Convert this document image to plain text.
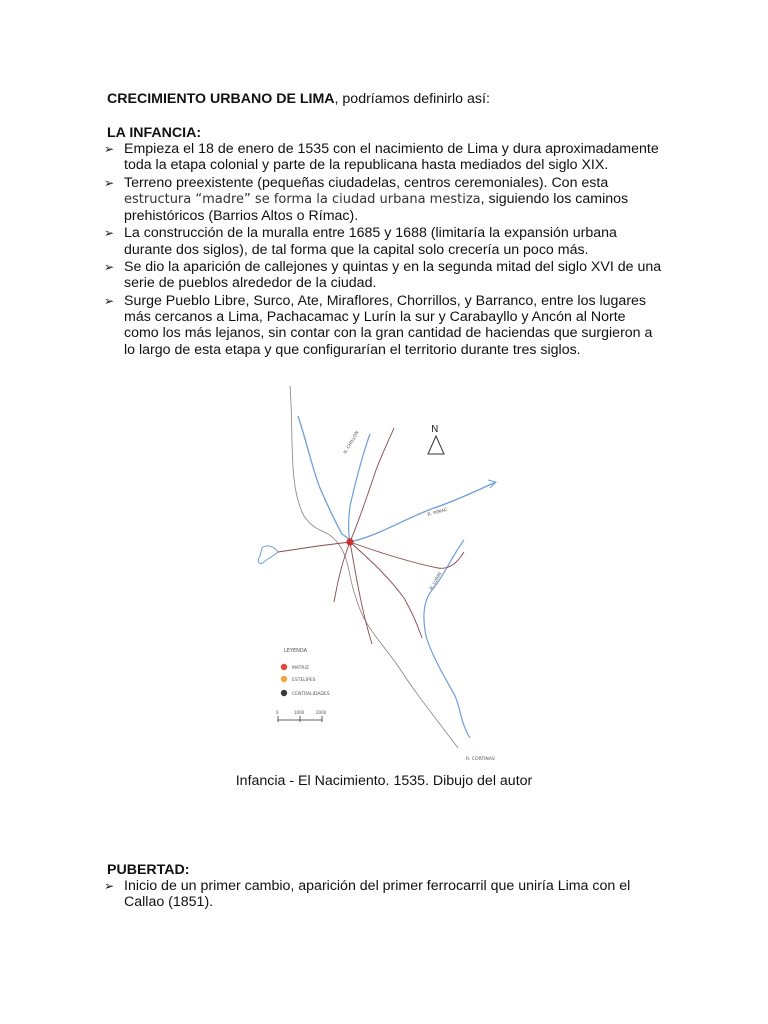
CRECIMIENTO URBANO DE LIMA, podríamos definirlo así:
LA INFANCIA:
➢ Empieza el 18 de enero de 1535 con el nacimiento de Lima y dura aproximadamente toda la etapa colonial y parte de la republicana hasta mediados del siglo XIX.
➢ Terreno preexistente (pequeñas ciudadelas, centros ceremoniales). Con esta estructura “madre” se forma la ciudad urbana mestiza, siguiendo los caminos prehistóricos (Barrios Altos o Rímac).
➢ La construcción de la muralla entre 1685 y 1688 (limitaría la expansión urbana durante dos siglos), de tal forma que la capital solo crecería un poco más.
➢ Se dio la aparición de callejones y quintas y en la segunda mitad del siglo XVI de una serie de pueblos alrededor de la ciudad.
➢ Surge Pueblo Libre, Surco, Ate, Miraflores, Chorrillos, y Barranco, entre los lugares más cercanos a Lima, Pachacamac y Lurín la sur y Carabayllo y Ancón al Norte como los más lejanos, sin contar con la gran cantidad de haciendas que surgieron a lo largo de esta etapa y que configurarían el territorio durante tres siglos.
R. CHILLON
R. RIMAC
R. LURIN
N
LEYENDA
MATRIZ
ESTELIPES
CENTRALIDADES
0	1000	2000
R. CORTINAS
Infancia - El Nacimiento. 1535. Dibujo del autor
PUBERTAD:
➢ Inicio de un primer cambio, aparición del primer ferrocarril que uniría Lima con el Callao (1851).
